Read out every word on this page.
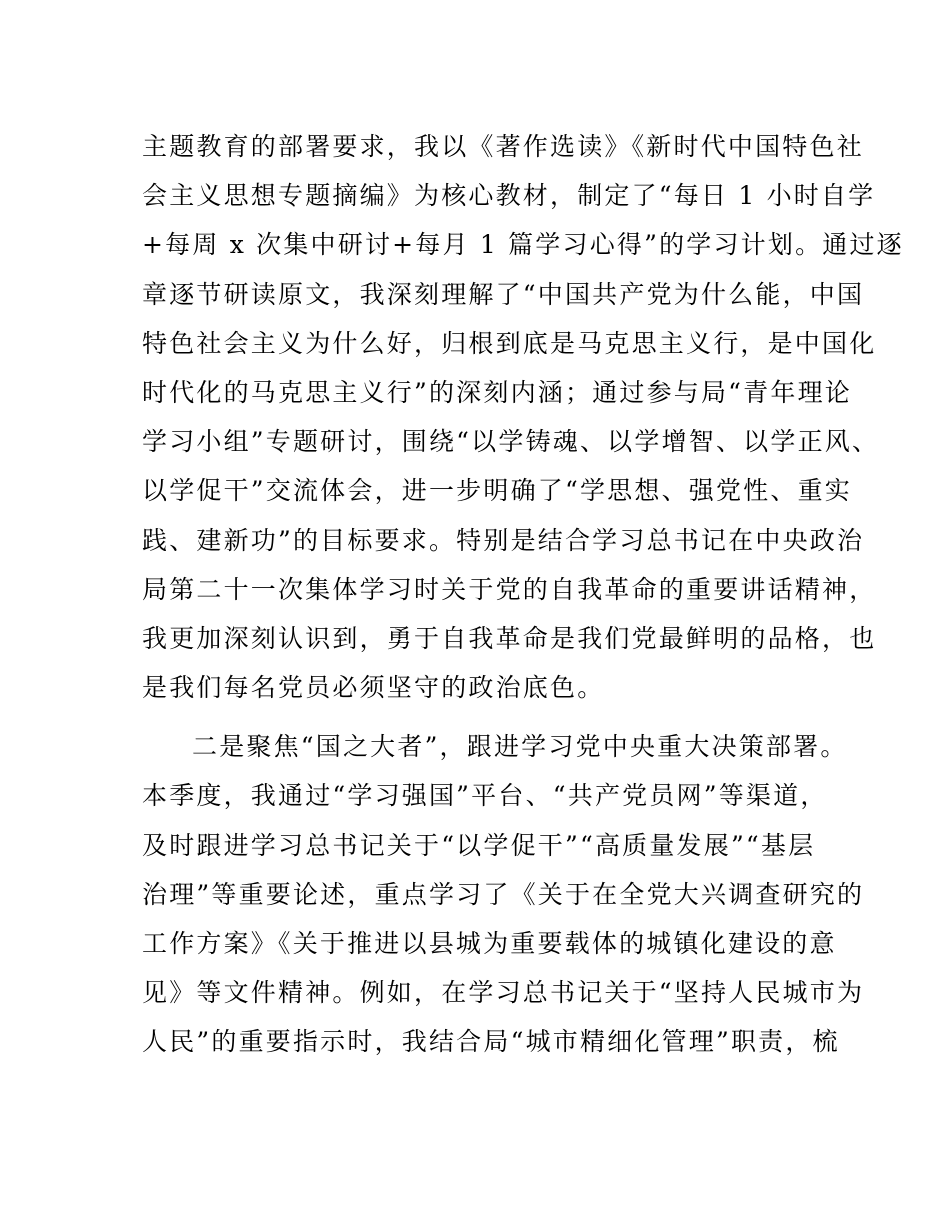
主题教育的部署要求，我以《著作选读》《新时代中国特色社
会主义思想专题摘编》为核心教材，制定了“每日 1 小时自学
+每周 x 次集中研讨+每月 1 篇学习心得”的学习计划。通过逐
章逐节研读原文，我深刻理解了“中国共产党为什么能，中国
特色社会主义为什么好，归根到底是马克思主义行，是中国化
时代化的马克思主义行”的深刻内涵；通过参与局“青年理论
学习小组”专题研讨，围绕“以学铸魂、以学增智、以学正风、
以学促干”交流体会，进一步明确了“学思想、强党性、重实
践、建新功”的目标要求。特别是结合学习总书记在中央政治
局第二十一次集体学习时关于党的自我革命的重要讲话精神，
我更加深刻认识到，勇于自我革命是我们党最鲜明的品格，也
是我们每名党员必须坚守的政治底色。
二是聚焦“国之大者”，跟进学习党中央重大决策部署。
本季度，我通过“学习强国”平台、“共产党员网”等渠道，
及时跟进学习总书记关于“以学促干”“高质量发展”“基层
治理”等重要论述，重点学习了《关于在全党大兴调查研究的
工作方案》《关于推进以县城为重要载体的城镇化建设的意
见》等文件精神。例如，在学习总书记关于“坚持人民城市为
人民”的重要指示时，我结合局“城市精细化管理”职责，梳
